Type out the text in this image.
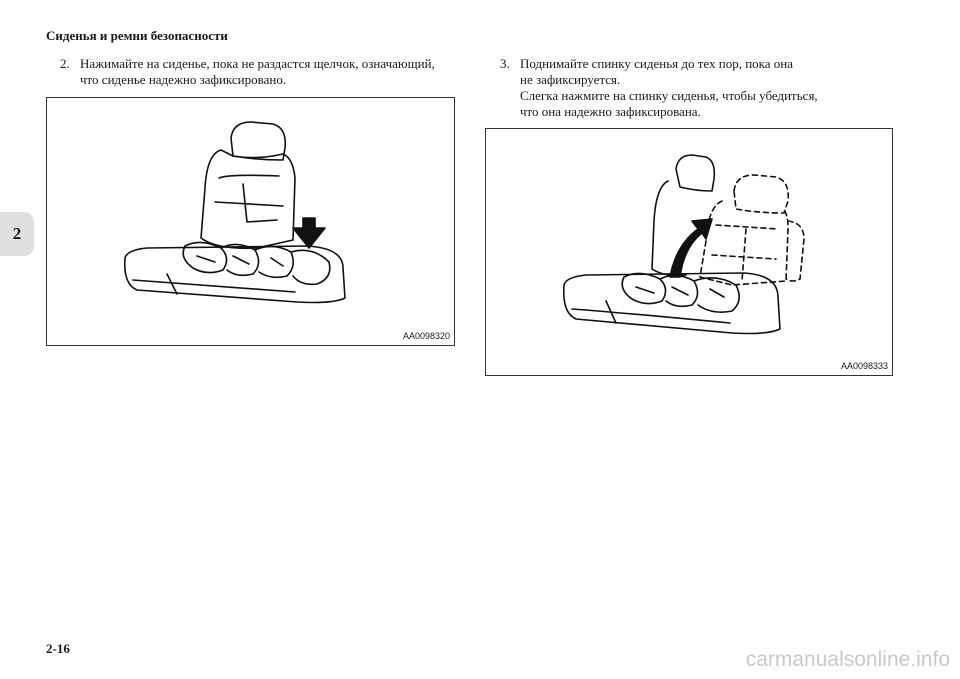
Сиденья и ремни безопасности
2
2. Нажимайте на сиденье, пока не раздастся щелчок, означающий,
что сиденье надежно зафиксировано.
3. Поднимайте спинку сиденья до тех пор, пока она
не зафиксируется.
Слегка нажмите на спинку сиденья, чтобы убедиться,
что она надежно зафиксирована.
AA0098320
AA0098333
2-16	carmanualsonline.info
